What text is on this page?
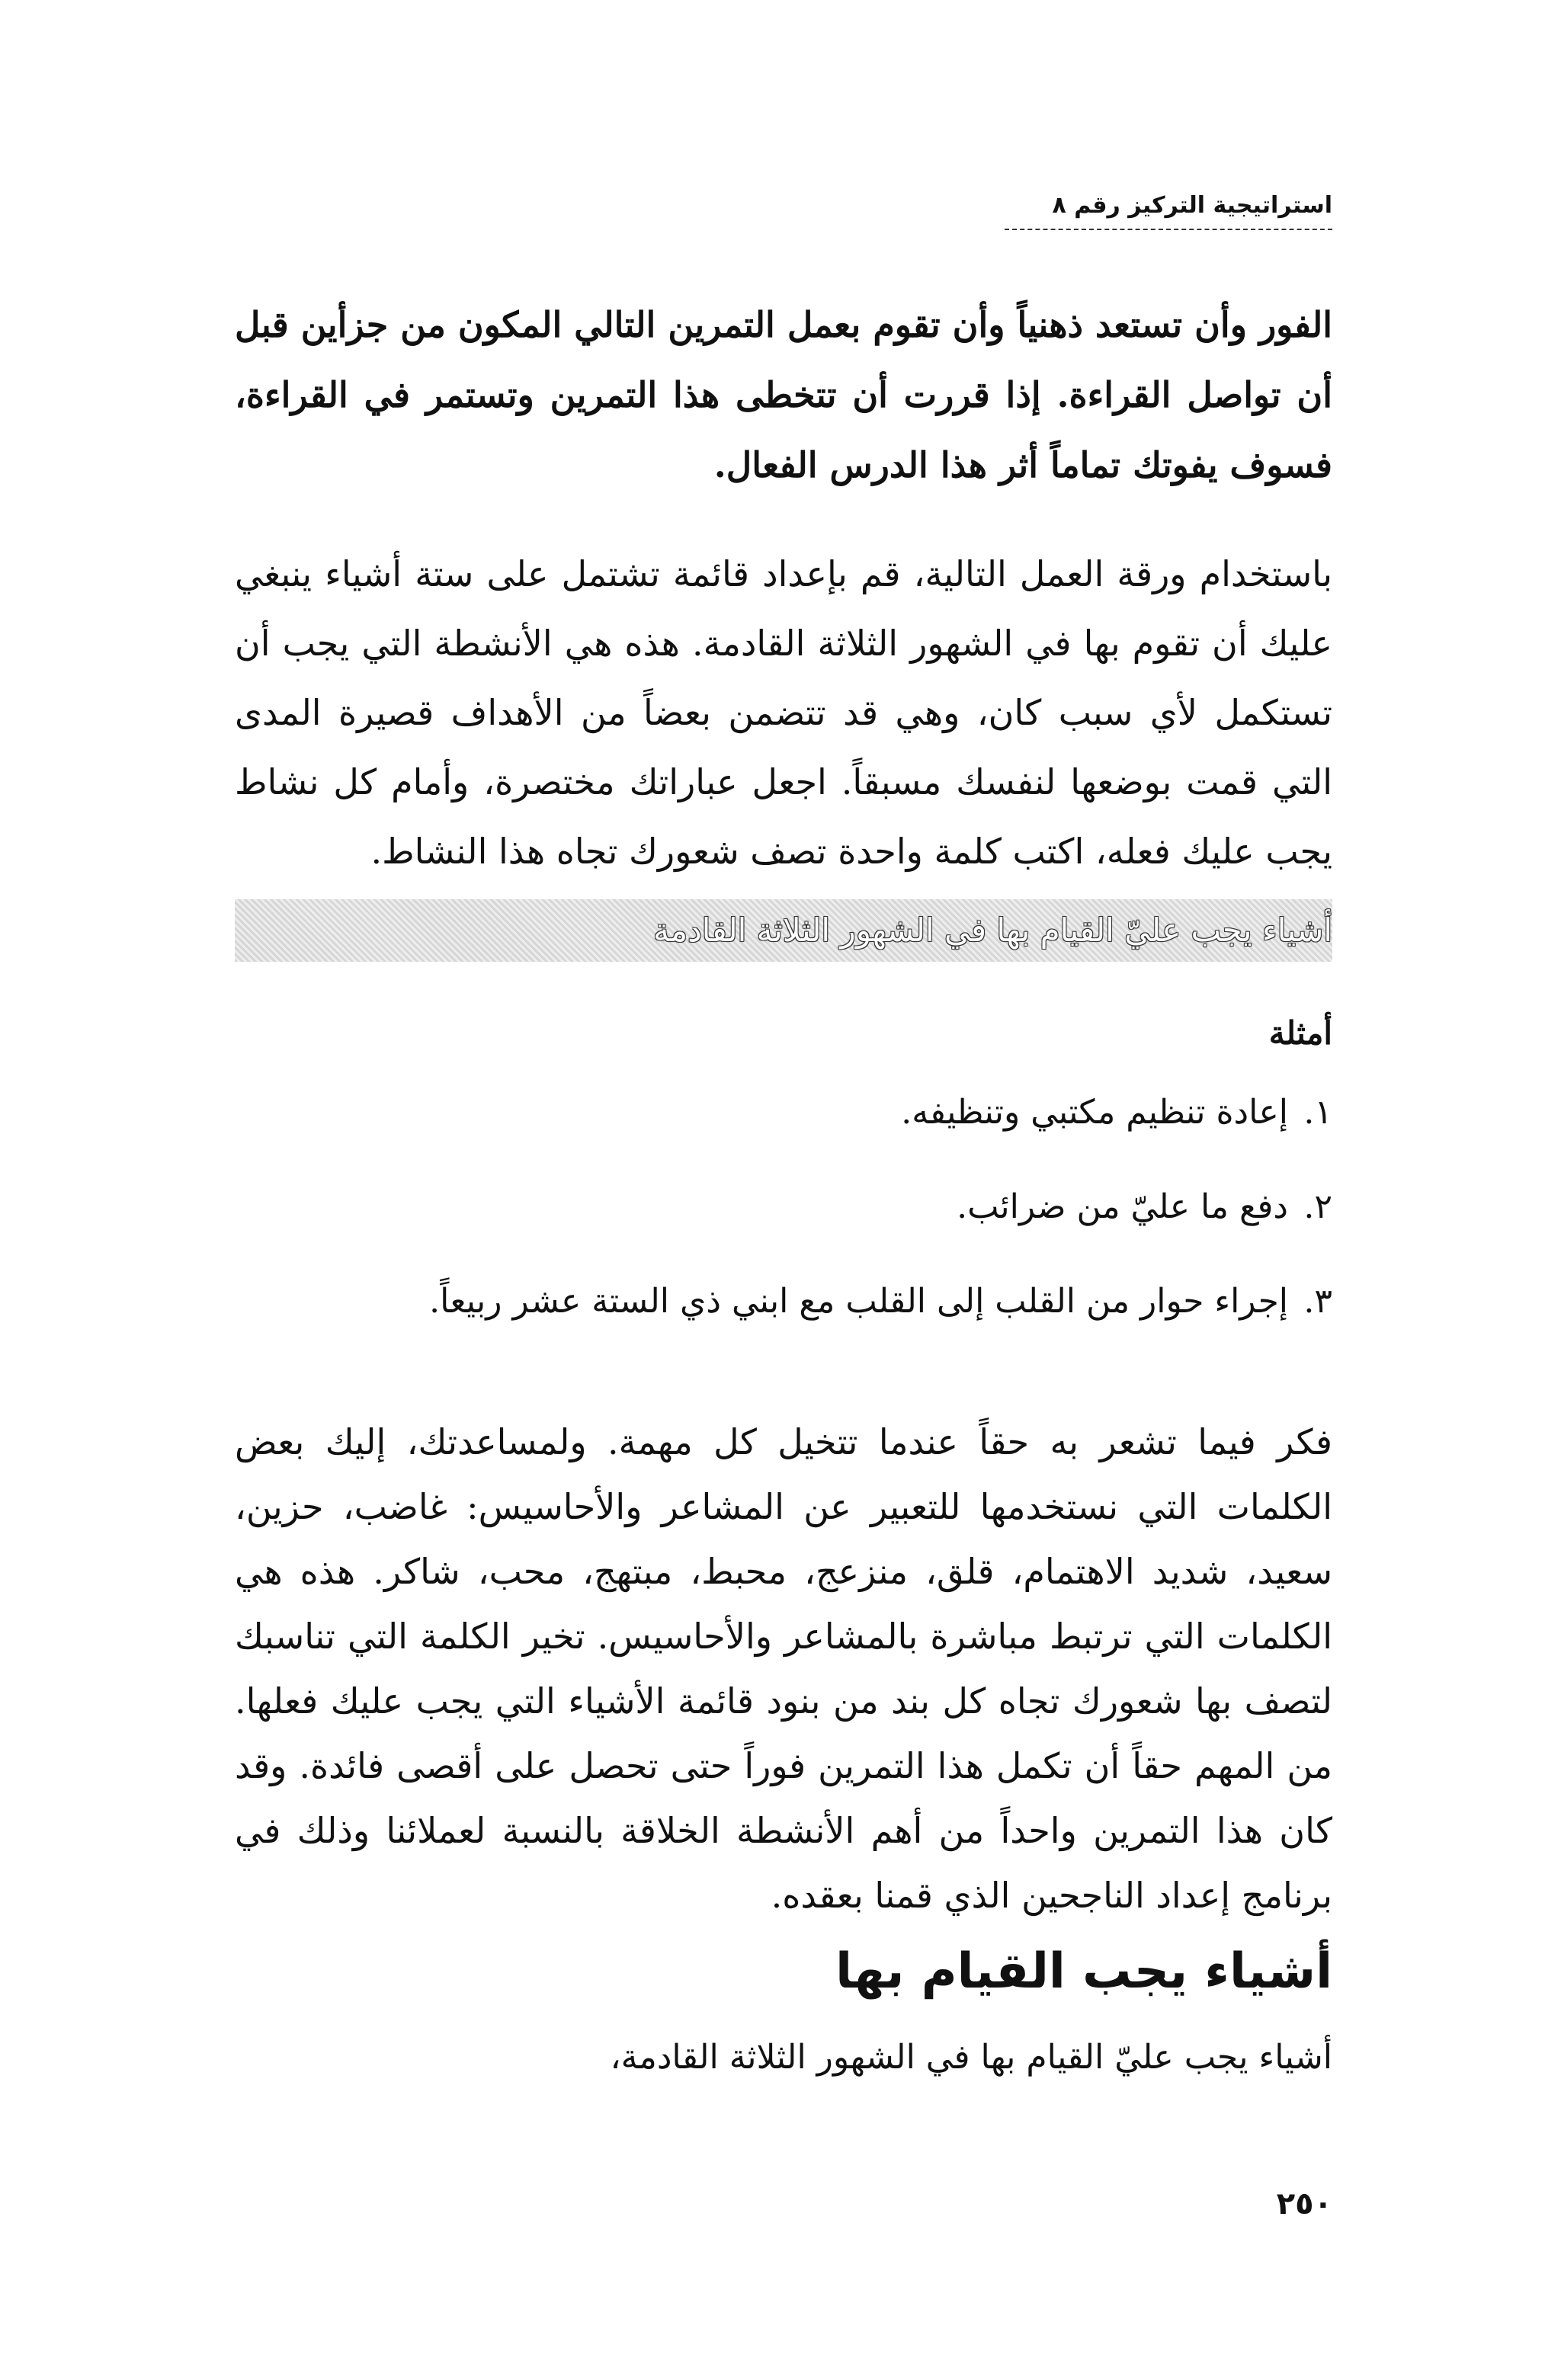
استراتيجية التركيز رقم ٨

الفور وأن تستعد ذهنياً وأن تقوم بعمل التمرين التالي المكون من جزأين قبل أن تواصل القراءة. إذا قررت أن تتخطى هذا التمرين وتستمر في القراءة، فسوف يفوتك تماماً أثر هذا الدرس الفعال.

باستخدام ورقة العمل التالية، قم بإعداد قائمة تشتمل على ستة أشياء ينبغي عليك أن تقوم بها في الشهور الثلاثة القادمة. هذه هي الأنشطة التي يجب أن تستكمل لأي سبب كان، وهي قد تتضمن بعضاً من الأهداف قصيرة المدى التي قمت بوضعها لنفسك مسبقاً. اجعل عباراتك مختصرة، وأمام كل نشاط يجب عليك فعله، اكتب كلمة واحدة تصف شعورك تجاه هذا النشاط.

أشياء يجب عليّ القيام بها في الشهور الثلاثة القادمة
أمثلة
١.
إعادة تنظيم مكتبي وتنظيفه.
٢.
دفع ما عليّ من ضرائب.
٣.
إجراء حوار من القلب إلى القلب مع ابني ذي الستة عشر ربيعاً.

فكر فيما تشعر به حقاً عندما تتخيل كل مهمة. ولمساعدتك، إليك بعض الكلمات التي نستخدمها للتعبير عن المشاعر والأحاسيس: غاضب، حزين، سعيد، شديد الاهتمام، قلق، منزعج، محبط، مبتهج، محب، شاكر. هذه هي الكلمات التي ترتبط مباشرة بالمشاعر والأحاسيس. تخير الكلمة التي تناسبك لتصف بها شعورك تجاه كل بند من بنود قائمة الأشياء التي يجب عليك فعلها. من المهم حقاً أن تكمل هذا التمرين فوراً حتى تحصل على أقصى فائدة. وقد كان هذا التمرين واحداً من أهم الأنشطة الخلاقة بالنسبة لعملائنا وذلك في برنامج إعداد الناجحين الذي قمنا بعقده.

أشياء يجب القيام بها

أشياء يجب عليّ القيام بها في الشهور الثلاثة القادمة،

٢٥٠
